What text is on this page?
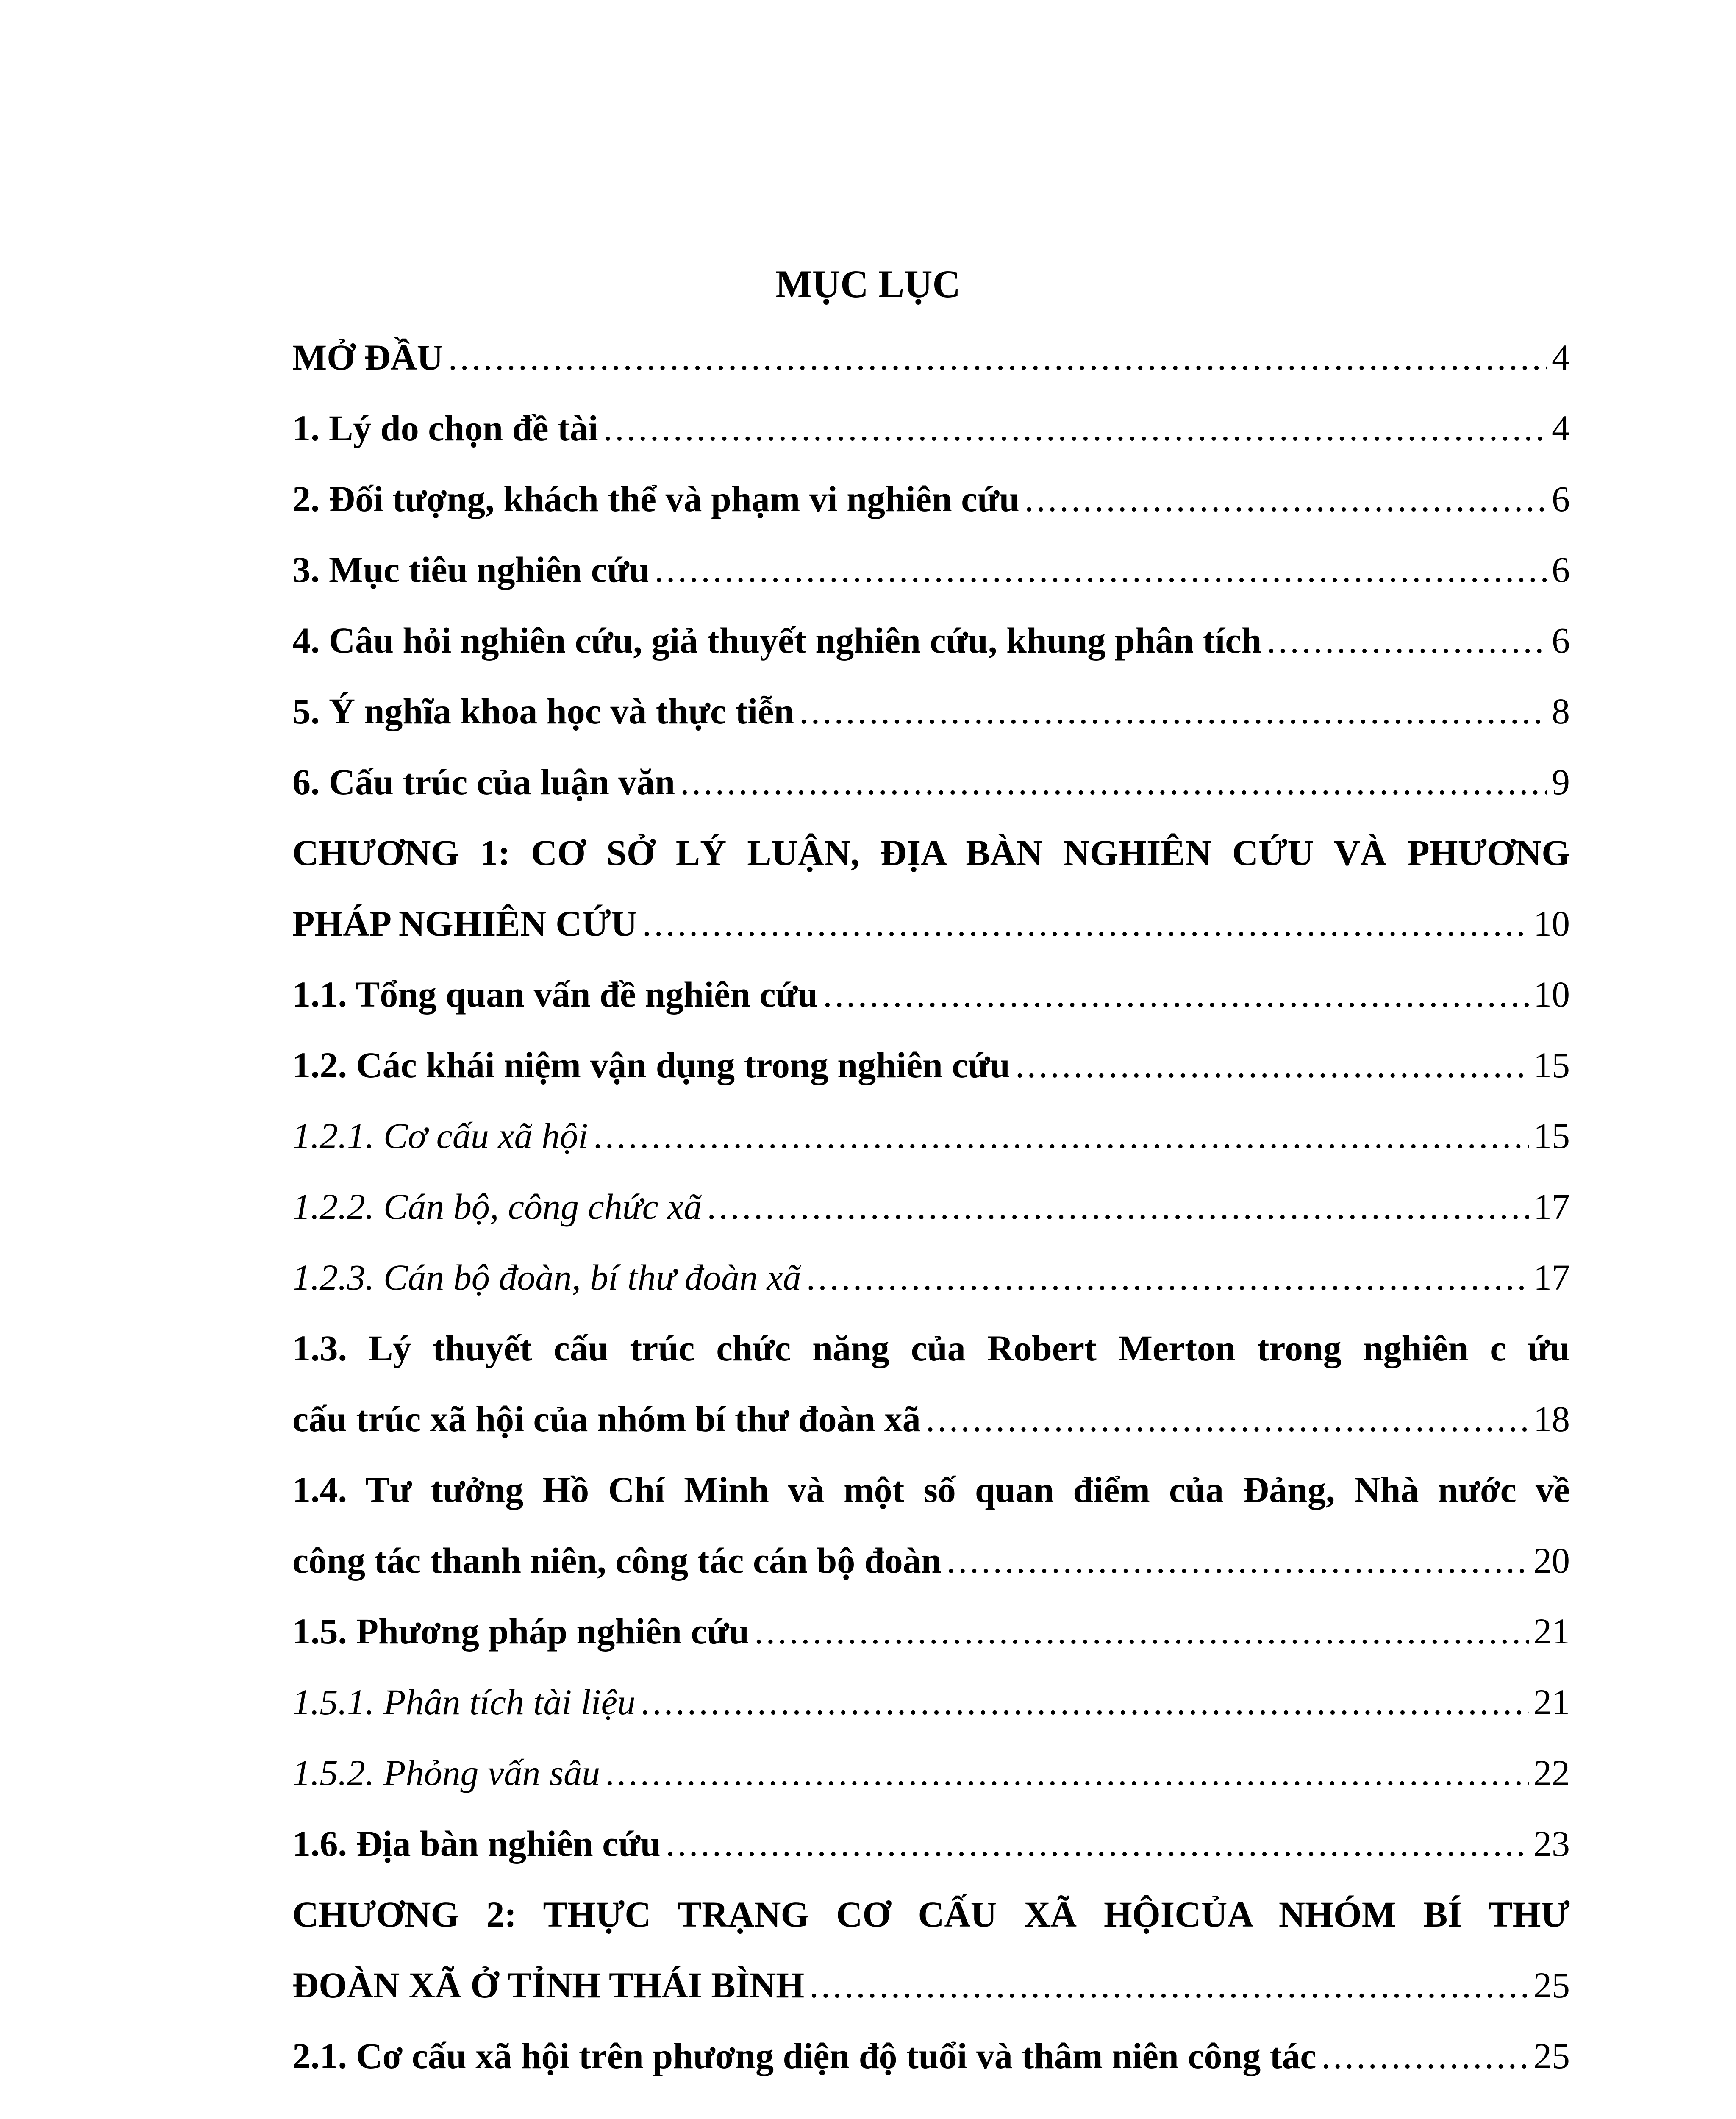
MỤC LỤC
MỞ ĐẦU .....	4
1. Lý do chọn đề tài .....	4
2. Đối tượng, khách thể và phạm vi nghiên cứu .....	6
3. Mục tiêu nghiên cứu .....	6
4. Câu hỏi nghiên cứu, giả thuyết nghiên cứu, khung phân tích .....	6
5. Ý nghĩa khoa học và thực tiễn .....	8
6. Cấu trúc của luận văn .....	9
CHƯƠNG 1: CƠ SỞ LÝ LUẬN, ĐỊA BÀN NGHIÊN CỨU VÀ PHƯƠNG
PHÁP NGHIÊN CỨU .....	10
1.1. Tổng quan vấn đề nghiên cứu .....	10
1.2. Các khái niệm vận dụng trong nghiên cứu .....	15
1.2.1. Cơ cấu xã hội .....	15
1.2.2. Cán bộ, công chức xã .....	17
1.2.3. Cán bộ đoàn, bí thư đoàn xã .....	17
1.3. Lý thuyết cấu trúc chức năng của Robert Merton trong nghiên c ứu
cấu trúc xã hội của nhóm bí thư đoàn xã .....	18
1.4. Tư tưởng Hồ Chí Minh và một số quan điểm của Đảng, Nhà nước về
công tác thanh niên, công tác cán bộ đoàn .....	20
1.5. Phương pháp nghiên cứu .....	21
1.5.1. Phân tích tài liệu .....	21
1.5.2. Phỏng vấn sâu .....	22
1.6. Địa bàn nghiên cứu .....	23
CHƯƠNG 2: THỰC TRẠNG CƠ CẤU XÃ HỘICỦA NHÓM BÍ THƯ
ĐOÀN XÃ Ở TỈNH THÁI BÌNH .....	25
2.1. Cơ cấu xã hội trên phương diện độ tuổi và thâm niên công tác .....	25
